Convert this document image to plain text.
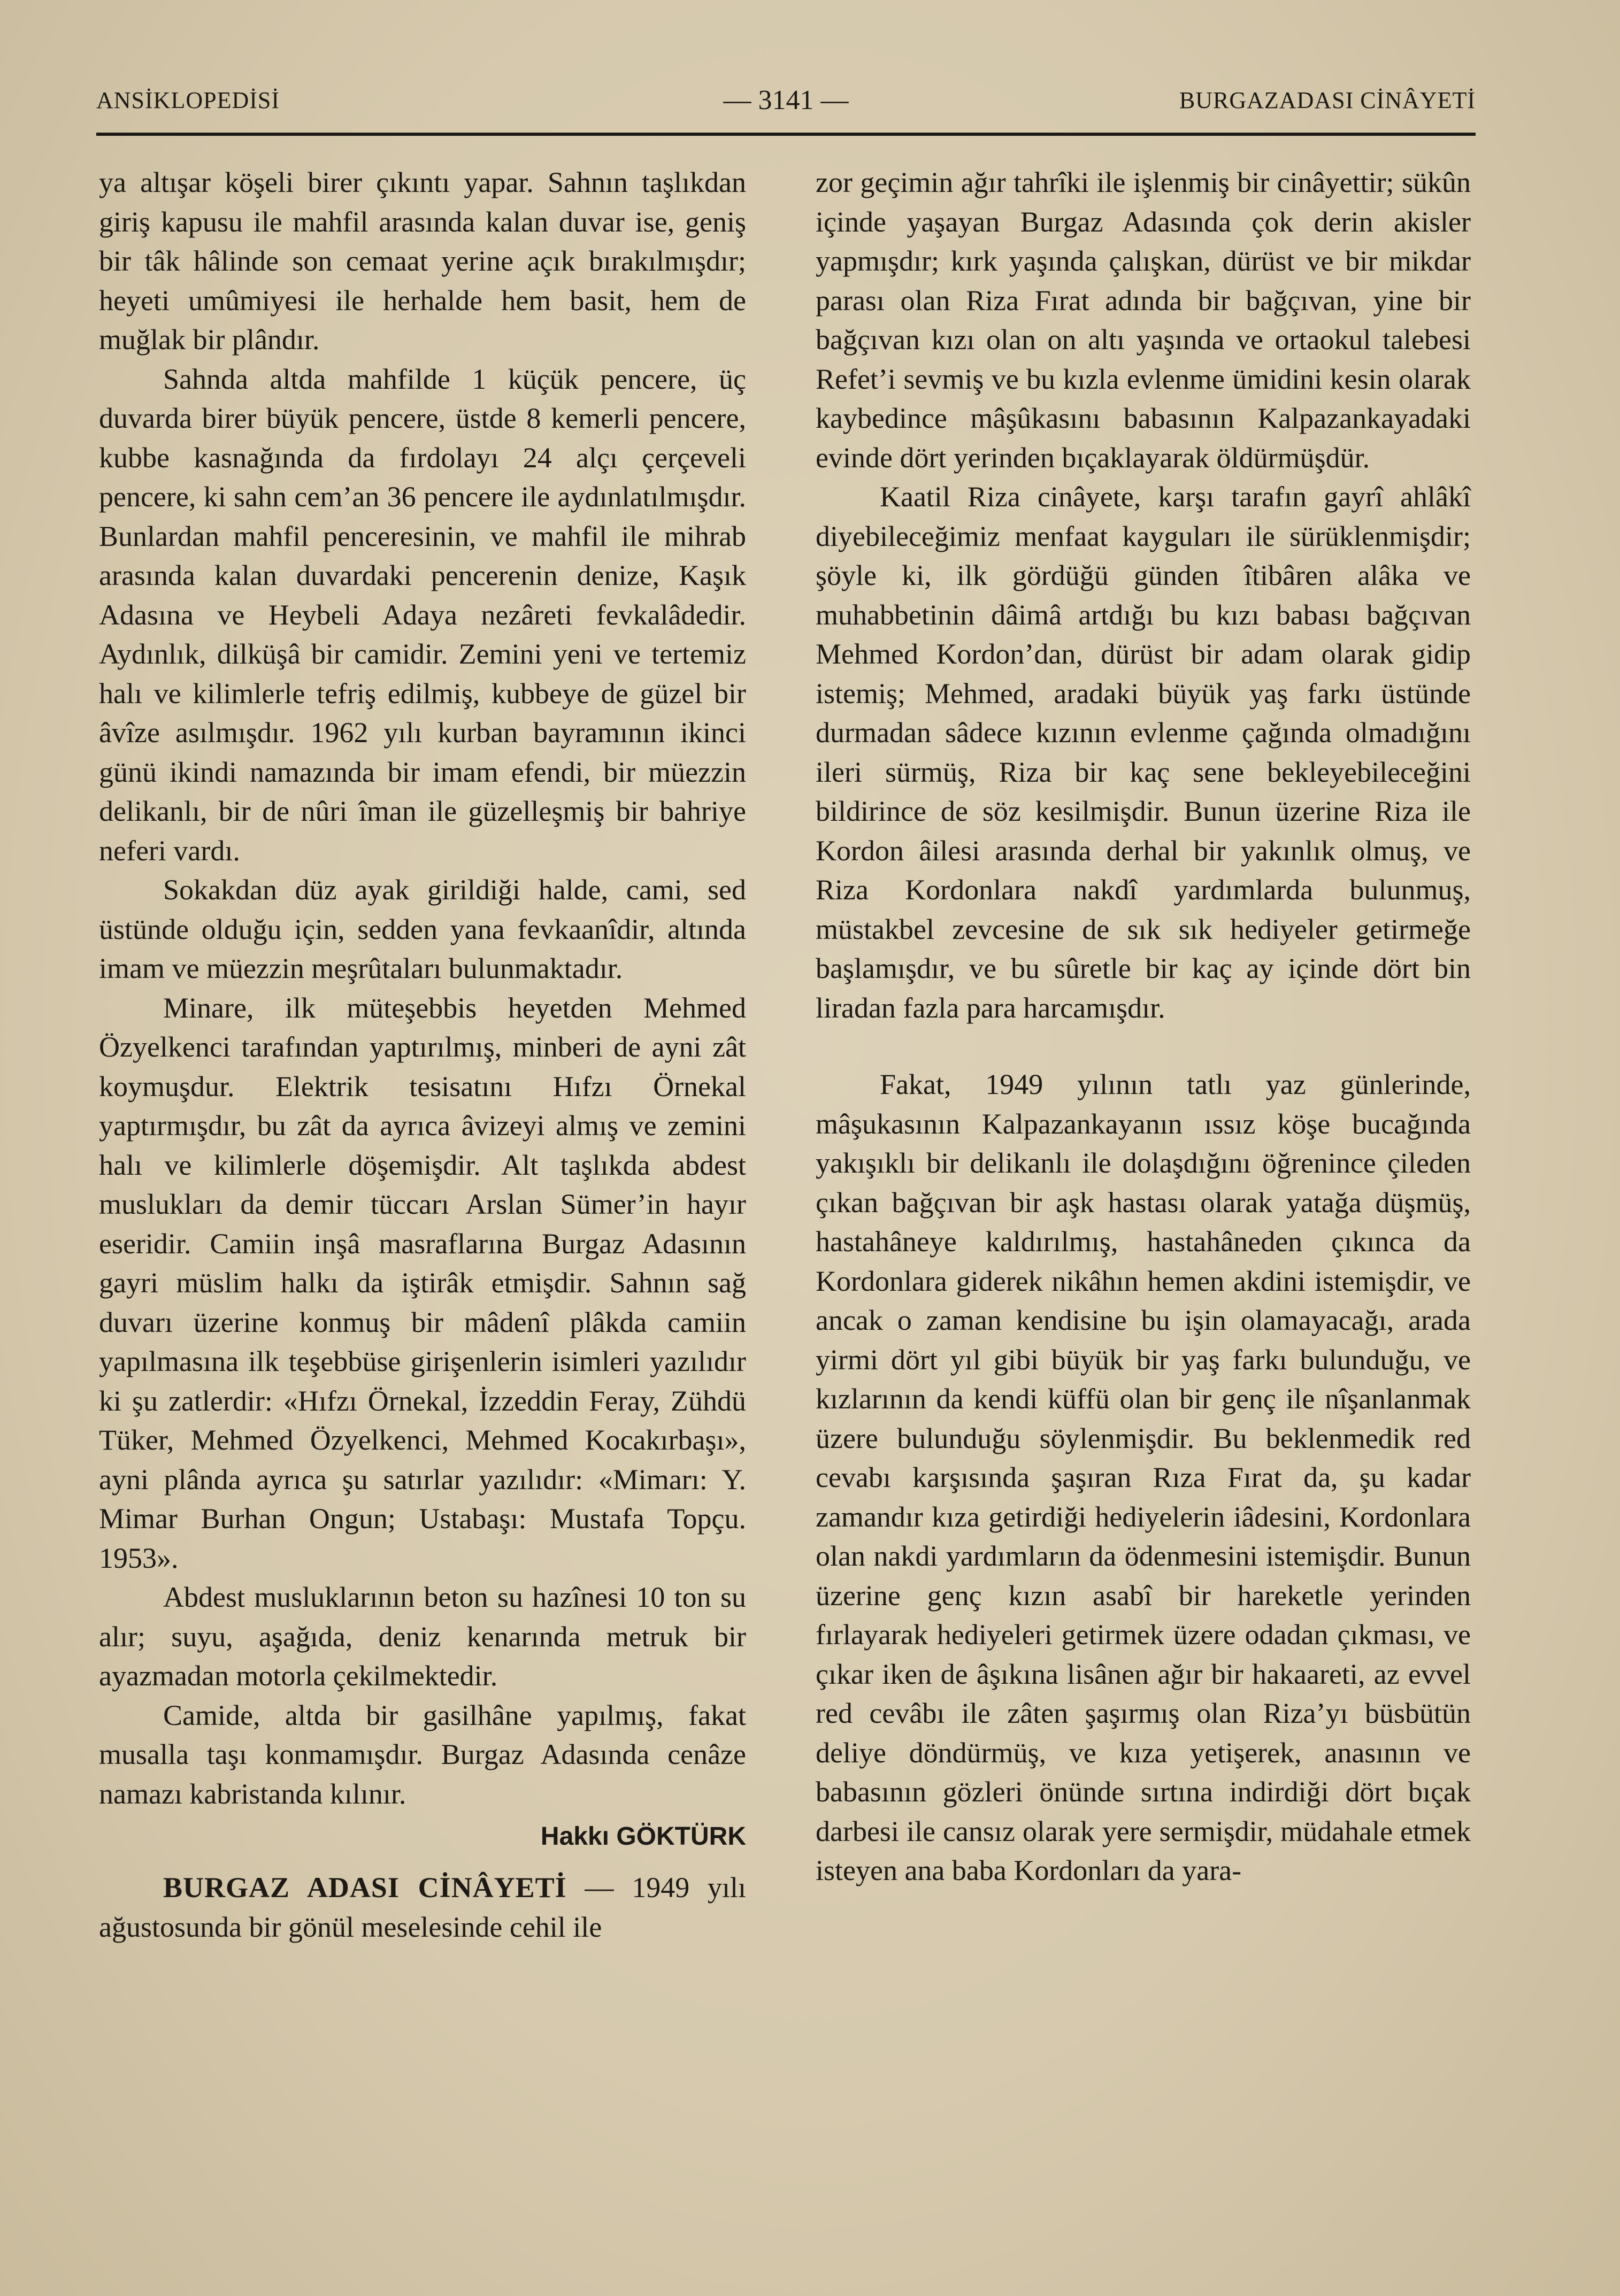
ANSİKLOPEDİSİ	— 3141 —	BURGAZADASI CİNÂYETİ

ya altışar köşeli birer çıkıntı yapar. Sahnın taşlıkdan giriş kapusu ile mahfil arasında kalan duvar ise, geniş bir tâk hâlinde son cemaat yerine açık bırakılmışdır; heyeti umûmiyesi ile herhalde hem basit, hem de muğlak bir plândır.

Sahnda altda mahfilde 1 küçük pencere, üç duvarda birer büyük pencere, üstde 8 kemerli pencere, kubbe kasnağında da fırdolayı 24 alçı çerçeveli pencere, ki sahn cem’an 36 pencere ile aydınlatılmışdır. Bunlardan mahfil penceresinin, ve mahfil ile mihrab arasında kalan duvardaki pencerenin denize, Kaşık Adasına ve Heybeli Adaya nezâreti fevkalâdedir. Aydınlık, dilküşâ bir camidir. Zemini yeni ve tertemiz halı ve kilimlerle tefriş edilmiş, kubbeye de güzel bir âvîze asılmışdır. 1962 yılı kurban bayramının ikinci günü ikindi namazında bir imam efendi, bir müezzin delikanlı, bir de nûri îman ile güzelleşmiş bir bahriye neferi vardı.

Sokakdan düz ayak girildiği halde, cami, sed üstünde olduğu için, sedden yana fevkaanîdir, altında imam ve müezzin meşrûtaları bulunmaktadır.

Minare, ilk müteşebbis heyetden Mehmed Özyelkenci tarafından yaptırılmış, minberi de ayni zât koymuşdur. Elektrik tesisatını Hıfzı Örnekal yaptırmışdır, bu zât da ayrıca âvizeyi almış ve zemini halı ve kilimlerle döşemişdir. Alt taşlıkda abdest muslukları da demir tüccarı Arslan Sümer’in hayır eseridir. Camiin inşâ masraflarına Burgaz Adasının gayri müslim halkı da iştirâk etmişdir. Sahnın sağ duvarı üzerine konmuş bir mâdenî plâkda camiin yapılmasına ilk teşebbüse girişenlerin isimleri yazılıdır ki şu zatlerdir: «Hıfzı Örnekal, İzzeddin Feray, Zühdü Tüker, Mehmed Özyelkenci, Mehmed Kocakırbaşı», ayni plânda ayrıca şu satırlar yazılıdır: «Mimarı: Y. Mimar Burhan Ongun; Ustabaşı: Mustafa Topçu. 1953».

Abdest musluklarının beton su hazînesi 10 ton su alır; suyu, aşağıda, deniz kenarında metruk bir ayazmadan motorla çekilmektedir.

Camide, altda bir gasilhâne yapılmış, fakat musalla taşı konmamışdır. Burgaz Adasında cenâze namazı kabristanda kılınır.

Hakkı GÖKTÜRK

BURGAZ ADASI CİNÂYETİ — 1949 yılı ağustosunda bir gönül meselesinde cehil ile

zor geçimin ağır tahrîki ile işlenmiş bir cinâyettir; sükûn içinde yaşayan Burgaz Adasında çok derin akisler yapmışdır; kırk yaşında çalışkan, dürüst ve bir mikdar parası olan Riza Fırat adında bir bağçıvan, yine bir bağçıvan kızı olan on altı yaşında ve ortaokul talebesi Refet’i sevmiş ve bu kızla evlenme ümidini kesin olarak kaybedince mâşûkasını babasının Kalpazankayadaki evinde dört yerinden bıçaklayarak öldürmüşdür.

Kaatil Riza cinâyete, karşı tarafın gayrî ahlâkî diyebileceğimiz menfaat kayguları ile sürüklenmişdir; şöyle ki, ilk gördüğü günden îtibâren alâka ve muhabbetinin dâimâ artdığı bu kızı babası bağçıvan Mehmed Kordon’dan, dürüst bir adam olarak gidip istemiş; Mehmed, aradaki büyük yaş farkı üstünde durmadan sâdece kızının evlenme çağında olmadığını ileri sürmüş, Riza bir kaç sene bekleyebileceğini bildirince de söz kesilmişdir. Bunun üzerine Riza ile Kordon âilesi arasında derhal bir yakınlık olmuş, ve Riza Kordonlara nakdî yardımlarda bulunmuş, müstakbel zevcesine de sık sık hediyeler getirmeğe başlamışdır, ve bu sûretle bir kaç ay içinde dört bin liradan fazla para harcamışdır.

Fakat, 1949 yılının tatlı yaz günlerinde, mâşukasının Kalpazankayanın ıssız köşe bucağında yakışıklı bir delikanlı ile dolaşdığını öğrenince çileden çıkan bağçıvan bir aşk hastası olarak yatağa düşmüş, hastahâneye kaldırılmış, hastahâneden çıkınca da Kordonlara giderek nikâhın hemen akdini istemişdir, ve ancak o zaman kendisine bu işin olamayacağı, arada yirmi dört yıl gibi büyük bir yaş farkı bulunduğu, ve kızlarının da kendi küffü olan bir genç ile nîşanlanmak üzere bulunduğu söylenmişdir. Bu beklenmedik red cevabı karşısında şaşıran Rıza Fırat da, şu kadar zamandır kıza getirdiği hediyelerin iâdesini, Kordonlara olan nakdi yardımların da ödenmesini istemişdir. Bunun üzerine genç kızın asabî bir hareketle yerinden fırlayarak hediyeleri getirmek üzere odadan çıkması, ve çıkar iken de âşıkına lisânen ağır bir hakaareti, az evvel red cevâbı ile zâten şaşırmış olan Riza’yı büsbütün deliye döndürmüş, ve kıza yetişerek, anasının ve babasının gözleri önünde sırtına indirdiği dört bıçak darbesi ile cansız olarak yere sermişdir, müdahale etmek isteyen ana baba Kordonları da yara-
